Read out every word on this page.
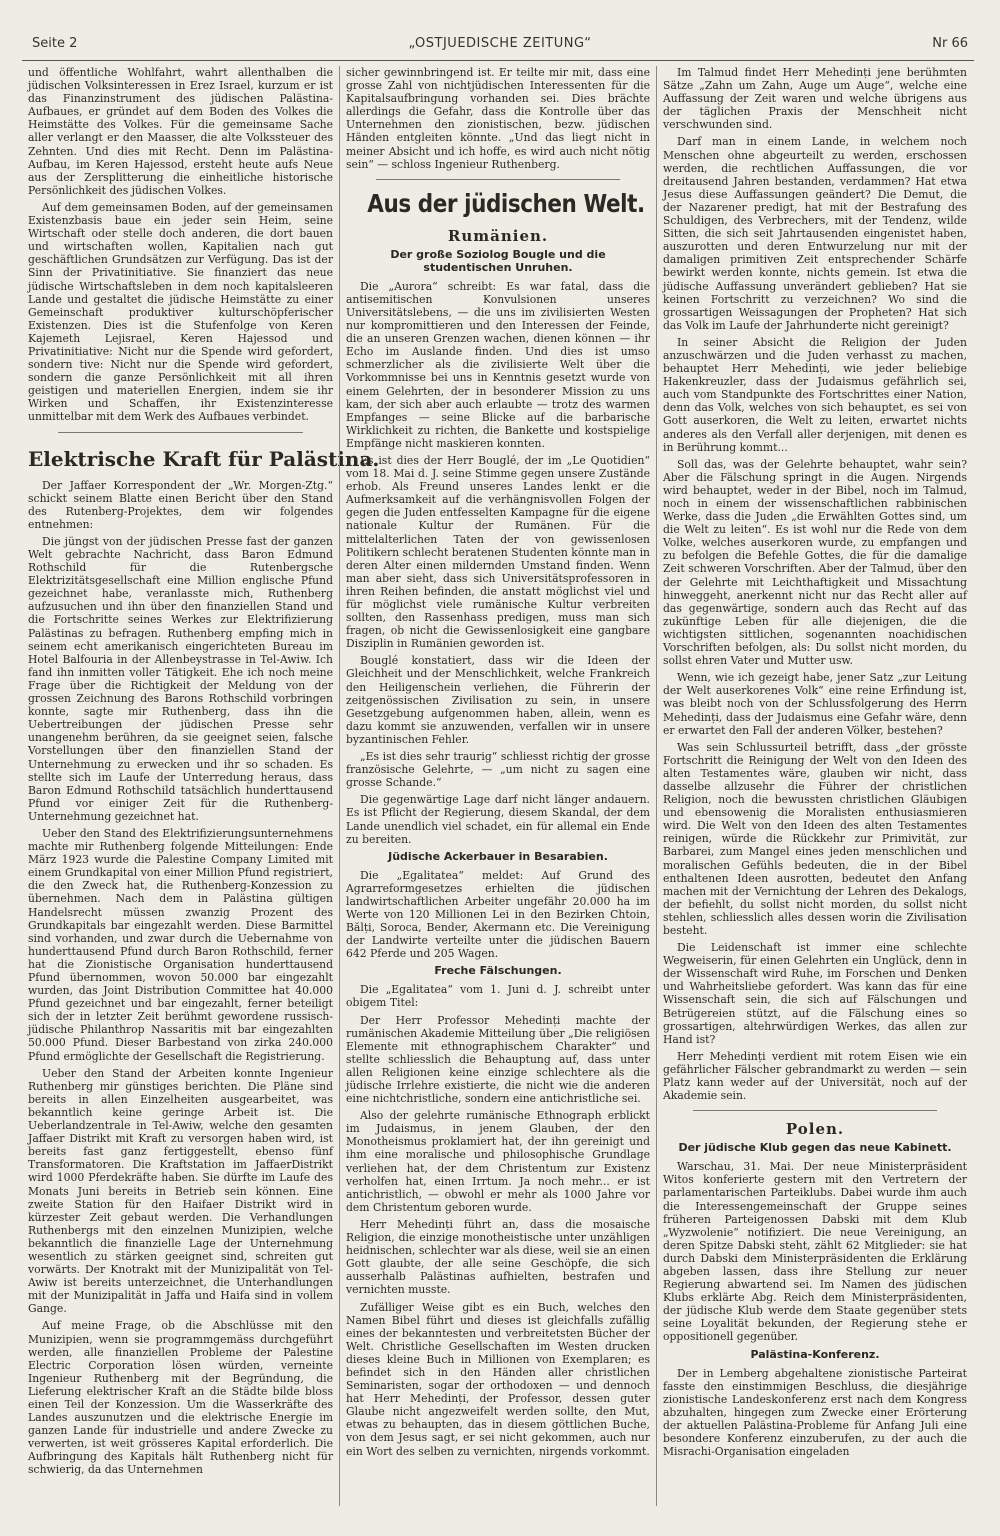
Seite 2	„OSTJUEDISCHE ZEITUNG“	Nr 66

und öffentliche Wohlfahrt, wahrt allenthalben die jüdischen Volksinteressen in Erez Israel, kurzum er ist das Finanzinstrument des jüdischen Palästina-Aufbaues, er gründet auf dem Boden des Volkes die Heimstätte des Volkes. Für die gemeinsame Sache aller verlangt er den Maasser, die alte Volkssteuer des Zehnten. Und dies mit Recht. Denn im Palästina-Aufbau, im Keren Hajessod, ersteht heute aufs Neue aus der Zersplitterung die einheitliche historische Persönlichkeit des jüdischen Volkes.

Auf dem gemeinsamen Boden, auf der gemeinsamen Existenzbasis baue ein jeder sein Heim, seine Wirtschaft oder stelle doch anderen, die dort bauen und wirtschaften wollen, Kapitalien nach gut geschäftlichen Grundsätzen zur Verfügung. Das ist der Sinn der Privatinitiative. Sie finanziert das neue jüdische Wirtschaftsleben in dem noch kapitalsleeren Lande und gestaltet die jüdische Heimstätte zu einer Gemeinschaft produktiver kulturschöpferischer Existenzen. Dies ist die Stufenfolge von Keren Kajemeth Lejisrael, Keren Hajessod und Privatinitiative: Nicht nur die Spende wird gefordert, sondern tive: Nicht nur die Spende wird gefordert, sondern die ganze Persönlichkeit mit all ihren geistigen und materiellen Energien, indem sie ihr Wirken und Schaffen, ihr Existenzinteresse unmittelbar mit dem Werk des Aufbaues verbindet.

Elektrische Kraft für Palästina.

Der Jaffaer Korrespondent der „Wr. Morgen-Ztg.“ schickt seinem Blatte einen Bericht über den Stand des Rutenberg-Projektes, dem wir folgendes entnehmen:

Die jüngst von der jüdischen Presse fast der ganzen Welt gebrachte Nachricht, dass Baron Edmund Rothschild für die Rutenbergsche Elektrizitätsgesellschaft eine Million englische Pfund gezeichnet habe, veranlasste mich, Ruthenberg aufzusuchen und ihn über den finanziellen Stand und die Fortschritte seines Werkes zur Elektrifizierung Palästinas zu befragen. Ruthenberg empfing mich in seinem echt amerikanisch eingerichteten Bureau im Hotel Balfouria in der Allenbeystrasse in Tel-Awiw. Ich fand ihn inmitten voller Tätigkeit. Ehe ich noch meine Frage über die Richtigkeit der Meldung von der grossen Zeichnung des Barons Rothschild vorbringen konnte, sagte mir Ruthenberg, dass ihn die Uebertreibungen der jüdischen Presse sehr unangenehm berühren, da sie geeignet seien, falsche Vorstellungen über den finanziellen Stand der Unternehmung zu erwecken und ihr so schaden. Es stellte sich im Laufe der Unterredung heraus, dass Baron Edmund Rothschild tatsächlich hunderttausend Pfund vor einiger Zeit für die Ruthenberg-Unternehmung gezeichnet hat.

Ueber den Stand des Elektrifizierungsunternehmens machte mir Ruthenberg folgende Mitteilungen: Ende März 1923 wurde die Palestine Company Limited mit einem Grundkapital von einer Million Pfund registriert, die den Zweck hat, die Ruthenberg-Konzession zu übernehmen. Nach dem in Palästina gültigen Handelsrecht müssen zwanzig Prozent des Grundkapitals bar eingezahlt werden. Diese Barmittel sind vorhanden, und zwar durch die Uebernahme von hunderttausend Pfund durch Baron Rothschild, ferner hat die Zionistische Organisation hunderttausend Pfund übernommen, wovon 50.000 bar eingezahlt wurden, das Joint Distribution Committee hat 40.000 Pfund gezeichnet und bar eingezahlt, ferner beteiligt sich der in letzter Zeit berühmt gewordene russisch-jüdische Philanthrop Nassaritis mit bar eingezahlten 50.000 Pfund. Dieser Barbestand von zirka 240.000 Pfund ermöglichte der Gesellschaft die Registrierung.

Ueber den Stand der Arbeiten konnte Ingenieur Ruthenberg mir günstiges berichten. Die Pläne sind bereits in allen Einzelheiten ausgearbeitet, was bekanntlich keine geringe Arbeit ist. Die Ueberlandzentrale in Tel-Awiw, welche den gesamten Jaffaer Distrikt mit Kraft zu versorgen haben wird, ist bereits fast ganz fertiggestellt, ebenso fünf Transformatoren. Die Kraftstation im JaffaerDistrikt wird 1000 Pferdekräfte haben. Sie dürfte im Laufe des Monats Juni bereits in Betrieb sein können. Eine zweite Station für den Haifaer Distrikt wird in kürzester Zeit gebaut werden. Die Verhandlungen Ruthenbergs mit den einzelnen Munizipien, welche bekanntlich die finanzielle Lage der Unternehmung wesentlich zu stärken geeignet sind, schreiten gut vorwärts. Der Knotrakt mit der Munizipalität von Tel-Awiw ist bereits unterzeichnet, die Unterhandlungen mit der Munizipalität in Jaffa und Haifa sind in vollem Gange.

Auf meine Frage, ob die Abschlüsse mit den Munizipien, wenn sie programmgemäss durchgeführt werden, alle finanziellen Probleme der Palestine Electric Corporation lösen würden, verneinte Ingenieur Ruthenberg mit der Begründung, die Lieferung elektrischer Kraft an die Städte bilde bloss einen Teil der Konzession. Um die Wasserkräfte des Landes auszunutzen und die elektrische Energie im ganzen Lande für industrielle und andere Zwecke zu verwerten, ist weit grösseres Kapital erforderlich. Die Aufbringung des Kapitals hält Ruthenberg nicht für schwierig, da das Unternehmen

sicher gewinnbringend ist. Er teilte mir mit, dass eine grosse Zahl von nichtjüdischen Interessenten für die Kapitalsaufbringung vorhanden sei. Dies brächte allerdings die Gefahr, dass die Kontrolle über das Unternehmen den zionistischen, bezw. jüdischen Händen entgleiten könnte. „Und das liegt nicht in meiner Absicht und ich hoffe, es wird auch nicht nötig sein“ — schloss Ingenieur Ruthenberg.

Aus der jüdischen Welt.
Rumänien.
Der große Soziolog Bougle und die studentischen Unruhen.

Die „Aurora“ schreibt: Es war fatal, dass die antisemitischen Konvulsionen unseres Universitätslebens, — die uns im zivilisierten Westen nur kompromittieren und den Interessen der Feinde, die an unseren Grenzen wachen, dienen können — ihr Echo im Auslande finden. Und dies ist umso schmerzlicher als die zivilisierte Welt über die Vorkommnisse bei uns in Kenntnis gesetzt wurde von einem Gelehrten, der in besonderer Mission zu uns kam, der sich aber auch erlaubte — trotz des warmen Empfanges — seine Blicke auf die barbarische Wirklichkeit zu richten, die Bankette und kostspielige Empfänge nicht maskieren konnten.

Es ist dies der Herr Bouglé, der im „Le Quotidien“ vom 18. Mai d. J. seine Stimme gegen unsere Zustände erhob. Als Freund unseres Landes lenkt er die Aufmerksamkeit auf die verhängnisvollen Folgen der gegen die Juden entfesselten Kampagne für die eigene nationale Kultur der Rumänen. Für die mittelalterlichen Taten der von gewissenlosen Politikern schlecht beratenen Studenten könnte man in deren Alter einen mildernden Umstand finden. Wenn man aber sieht, dass sich Universitätsprofessoren in ihren Reihen befinden, die anstatt möglichst viel und für möglichst viele rumänische Kultur verbreiten sollten, den Rassenhass predigen, muss man sich fragen, ob nicht die Gewissenlosigkeit eine gangbare Disziplin in Rumänien geworden ist.

Bouglé konstatiert, dass wir die Ideen der Gleichheit und der Menschlichkeit, welche Frankreich den Heiligenschein verliehen, die Führerin der zeitgenössischen Zivilisation zu sein, in unsere Gesetzgebung aufgenommen haben, allein, wenn es dazu kommt sie anzuwenden, verfallen wir in unsere byzantinischen Fehler.

„Es ist dies sehr traurig“ schliesst richtig der grosse französische Gelehrte, — „um nicht zu sagen eine grosse Schande.“

Die gegenwärtige Lage darf nicht länger andauern. Es ist Pflicht der Regierung, diesem Skandal, der dem Lande unendlich viel schadet, ein für allemal ein Ende zu bereiten.

Jüdische Ackerbauer in Besarabien.

Die „Egalitatea“ meldet: Auf Grund des Agrarreformgesetzes erhielten die jüdischen landwirtschaftlichen Arbeiter ungefähr 20.000 ha im Werte von 120 Millionen Lei in den Bezirken Chtoin, Bălți, Soroca, Bender, Akermann etc. Die Vereinigung der Landwirte verteilte unter die jüdischen Bauern 642 Pferde und 205 Wagen.

Freche Fälschungen.

Die „Egalitatea“ vom 1. Juni d. J. schreibt unter obigem Titel:

Der Herr Professor Mehedinți machte der rumänischen Akademie Mitteilung über „Die religiösen Elemente mit ethnographischem Charakter“ und stellte schliesslich die Behauptung auf, dass unter allen Religionen keine einzige schlechtere als die jüdische Irrlehre existierte, die nicht wie die anderen eine nichtchristliche, sondern eine antichristliche sei.

Also der gelehrte rumänische Ethnograph erblickt im Judaismus, in jenem Glauben, der den Monotheismus proklamiert hat, der ihn gereinigt und ihm eine moralische und philosophische Grundlage verliehen hat, der dem Christentum zur Existenz verholfen hat, einen Irrtum. Ja noch mehr... er ist antichristlich, — obwohl er mehr als 1000 Jahre vor dem Christentum geboren wurde.

Herr Mehedinți führt an, dass die mosaische Religion, die einzige monotheistische unter unzähligen heidnischen, schlechter war als diese, weil sie an einen Gott glaubte, der alle seine Geschöpfe, die sich ausserhalb Palästinas aufhielten, bestrafen und vernichten musste.

Zufälliger Weise gibt es ein Buch, welches den Namen Bibel führt und dieses ist gleichfalls zufällig eines der bekanntesten und verbreitetsten Bücher der Welt. Christliche Gesellschaften im Westen drucken dieses kleine Buch in Millionen von Exemplaren; es befindet sich in den Händen aller christlichen Seminaristen, sogar der orthodoxen — und dennoch hat Herr Mehedinți, der Professor, dessen guter Glaube nicht angezweifelt werden sollte, den Mut, etwas zu behaupten, das in diesem göttlichen Buche, von dem Jesus sagt, er sei nicht gekommen, auch nur ein Wort des selben zu vernichten, nirgends vorkommt.

Im Talmud findet Herr Mehedinți jene berühmten Sätze „Zahn um Zahn, Auge um Auge“, welche eine Auffassung der Zeit waren und welche übrigens aus der täglichen Praxis der Menschheit nicht verschwunden sind.

Darf man in einem Lande, in welchem noch Menschen ohne abgeurteilt zu werden, erschossen werden, die rechtlichen Auffassungen, die vor dreitausend Jahren bestanden, verdammen? Hat etwa Jesus diese Auffassungen geändert? Die Demut, die der Nazarener predigt, hat mit der Bestrafung des Schuldigen, des Verbrechers, mit der Tendenz, wilde Sitten, die sich seit Jahrtausenden eingenistet haben, auszurotten und deren Entwurzelung nur mit der damaligen primitiven Zeit entsprechender Schärfe bewirkt werden konnte, nichts gemein. Ist etwa die jüdische Auffassung unverändert geblieben? Hat sie keinen Fortschritt zu verzeichnen? Wo sind die grossartigen Weissagungen der Propheten? Hat sich das Volk im Laufe der Jahrhunderte nicht gereinigt?

In seiner Absicht die Religion der Juden anzuschwärzen und die Juden verhasst zu machen, behauptet Herr Mehedinți, wie jeder beliebige Hakenkreuzler, dass der Judaismus gefährlich sei, auch vom Standpunkte des Fortschrittes einer Nation, denn das Volk, welches von sich behauptet, es sei von Gott auserkoren, die Welt zu leiten, erwartet nichts anderes als den Verfall aller derjenigen, mit denen es in Berührung kommt...

Soll das, was der Gelehrte behauptet, wahr sein? Aber die Fälschung springt in die Augen. Nirgends wird behauptet, weder in der Bibel, noch im Talmud, noch in einem der wissenschaftlichen rabbinischen Werke, dass die Juden „die Erwählten Gottes sind, um die Welt zu leiten“. Es ist wohl nur die Rede von dem Volke, welches auserkoren wurde, zu empfangen und zu befolgen die Befehle Gottes, die für die damalige Zeit schweren Vorschriften. Aber der Talmud, über den der Gelehrte mit Leichthaftigkeit und Missachtung hinweggeht, anerkennt nicht nur das Recht aller auf das gegenwärtige, sondern auch das Recht auf das zukünftige Leben für alle diejenigen, die die wichtigsten sittlichen, sogenannten noachidischen Vorschriften befolgen, als: Du sollst nicht morden, du sollst ehren Vater und Mutter usw.

Wenn, wie ich gezeigt habe, jener Satz „zur Leitung der Welt auserkorenes Volk“ eine reine Erfindung ist, was bleibt noch von der Schlussfolgerung des Herrn Mehedinți, dass der Judaismus eine Gefahr wäre, denn er erwartet den Fall der anderen Völker, bestehen?

Was sein Schlussurteil betrifft, dass „der grösste Fortschritt die Reinigung der Welt von den Ideen des alten Testamentes wäre, glauben wir nicht, dass dasselbe allzusehr die Führer der christlichen Religion, noch die bewussten christlichen Gläubigen und ebensowenig die Moralisten enthusiasmieren wird. Die Welt von den Ideen des alten Testamentes reinigen, würde die Rückkehr zur Primivität, zur Barbarei, zum Mangel eines jeden menschlichen und moralischen Gefühls bedeuten, die in der Bibel enthaltenen Ideen ausrotten, bedeutet den Anfang machen mit der Vernichtung der Lehren des Dekalogs, der befiehlt, du sollst nicht morden, du sollst nicht stehlen, schliesslich alles dessen worin die Zivilisation besteht.

Die Leidenschaft ist immer eine schlechte Wegweiserin, für einen Gelehrten ein Unglück, denn in der Wissenschaft wird Ruhe, im Forschen und Denken und Wahrheitsliebe gefordert. Was kann das für eine Wissenschaft sein, die sich auf Fälschungen und Betrügereien stützt, auf die Fälschung eines so grossartigen, altehrwürdigen Werkes, das allen zur Hand ist?

Herr Mehedinți verdient mit rotem Eisen wie ein gefährlicher Fälscher gebrandmarkt zu werden — sein Platz kann weder auf der Universität, noch auf der Akademie sein.

Polen.
Der jüdische Klub gegen das neue Kabinett.

Warschau, 31. Mai. Der neue Ministerpräsident Witos konferierte gestern mit den Vertretern der parlamentarischen Parteiklubs. Dabei wurde ihm auch die Interessengemeinschaft der Gruppe seines früheren Parteigenossen Dabski mit dem Klub „Wyzwolenie“ notifiziert. Die neue Vereinigung, an deren Spitze Dabski steht, zählt 62 Mitglieder: sie hat durch Dabski dem Ministerpräsidenten die Erklärung abgeben lassen, dass ihre Stellung zur neuer Regierung abwartend sei. Im Namen des jüdischen Klubs erklärte Abg. Reich dem Ministerpräsidenten, der jüdische Klub werde dem Staate gegenüber stets seine Loyalität bekunden, der Regierung stehe er oppositionell gegenüber.

Palästina-Konferenz.

Der in Lemberg abgehaltene zionistische Parteirat fasste den einstimmigen Beschluss, die diesjährige zionistische Landeskonferenz erst nach dem Kongress abzuhalten, hingegen zum Zwecke einer Erörterung der aktuellen Palästina-Probleme für Anfang Juli eine besondere Konferenz einzuberufen, zu der auch die Misrachi-Organisation eingeladen
